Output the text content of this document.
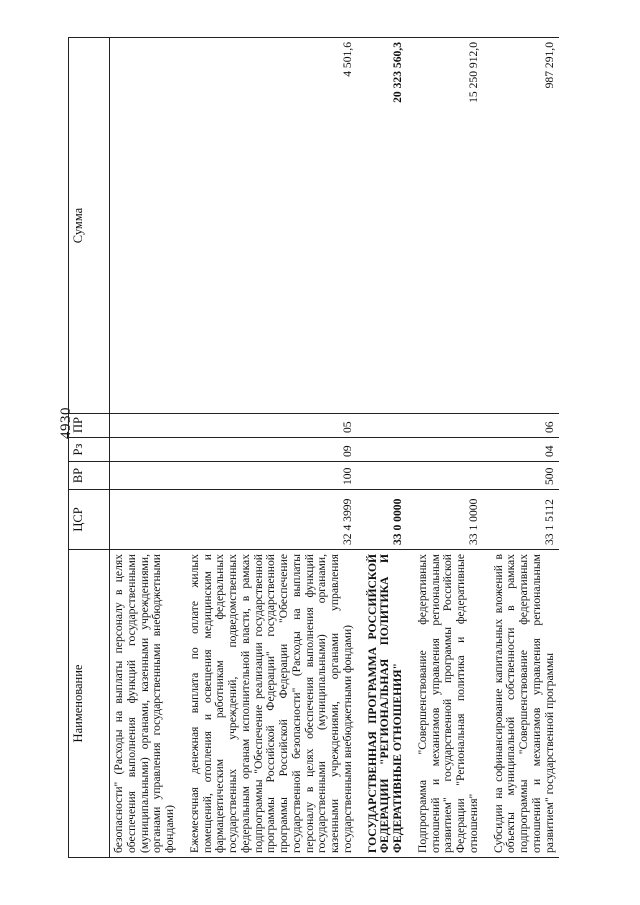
4930
Наименование	ЦСР	ВР	Рз	ПР	Сумма
безопасности" (Расходы на выплаты персоналу в целях обеспечения выполнения функций государственными (муниципальными) органами, казенными учреждениями, органами управления государственными внебюджетными фондами)					

Ежемесячная денежная выплата по оплате жилых помещений, отопления и освещения медицинским и фармацевтическим работникам федеральных государственных учреждений, подведомственных федеральным органам исполнительной власти, в рамках подпрограммы "Обеспечение реализации государственной программы Российской Федерации" государственной программы Российской Федерации "Обеспечение государственной безопасности" (Расходы на выплаты персоналу в целях обеспечения выполнения функций государственными (муниципальными) органами, казенными учреждениями, органами управления государственными внебюджетными фондами)	32 4 3999	100	09	05	4 501,6

ГОСУДАРСТВЕННАЯ ПРОГРАММА РОССИЙСКОЙ ФЕДЕРАЦИИ "РЕГИОНАЛЬНАЯ ПОЛИТИКА И ФЕДЕРАТИВНЫЕ ОТНОШЕНИЯ"	33 0 0000				20 323 560,3

Подпрограмма "Совершенствование федеративных отношений и механизмов управления региональным развитием" государственной программы Российской Федерации "Региональная политика и федеративные отношения"	33 1 0000				15 250 912,0

Субсидии на софинансирование капитальных вложений в объекты муниципальной собственности в рамках подпрограммы "Совершенствование федеративных отношений и механизмов управления региональным развитием" государственной программы	33 1 5112	500	04	06	987 291,0
